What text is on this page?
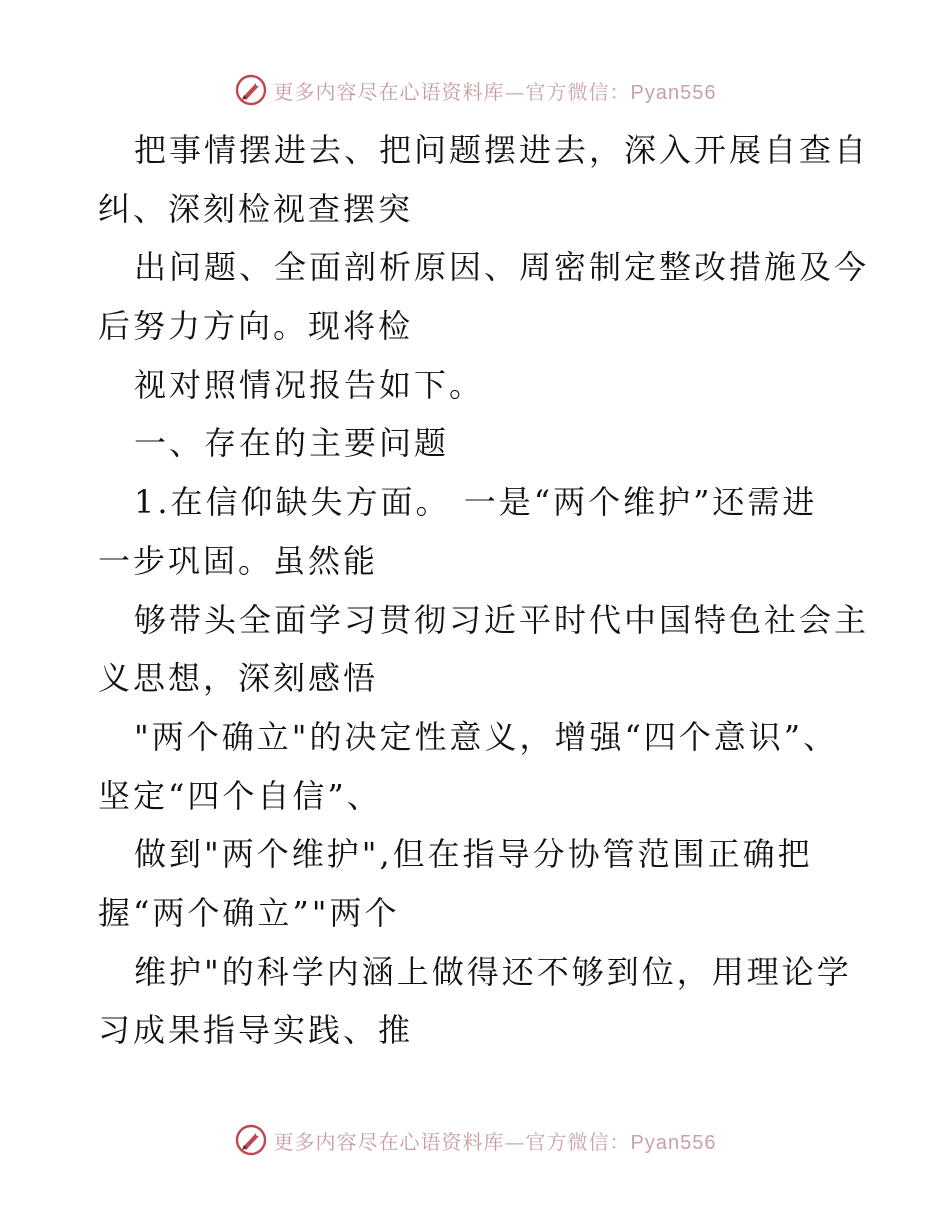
更多内容尽在心语资料库—官方微信：Pyan556
把事情摆进去、把问题摆进去，深入开展自查自
纠、深刻检视查摆突
出问题、全面剖析原因、周密制定整改措施及今
后努力方向。现将检
视对照情况报告如下。
一、存在的主要问题
1.在信仰缺失方面。 一是“两个维护”还需进
一步巩固。虽然能
够带头全面学习贯彻习近平时代中国特色社会主
义思想，深刻感悟
"两个确立"的决定性意义，增强“四个意识”、
坚定“四个自信”、
做到"两个维护",但在指导分协管范围正确把
握“两个确立”"两个
维护"的科学内涵上做得还不够到位，用理论学
习成果指导实践、推
更多内容尽在心语资料库—官方微信：Pyan556
